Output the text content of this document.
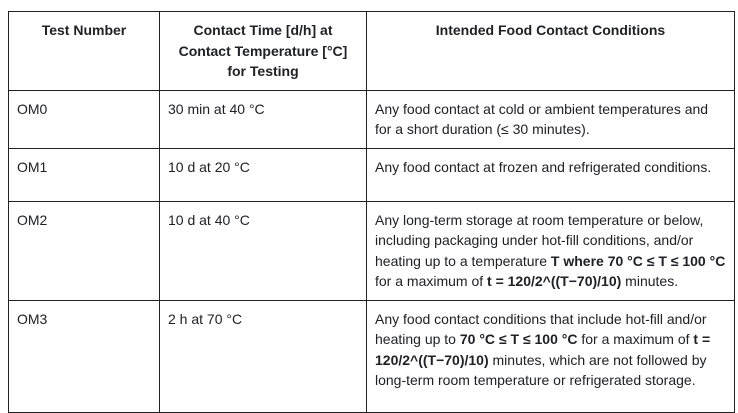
Test Number	Contact Time [d/h] at Contact Temperature [°C] for Testing	Intended Food Contact Conditions
OM0	30 min at 40 °C	Any food contact at cold or ambient temperatures and for a short duration (≤ 30 minutes).
OM1	10 d at 20 °C	Any food contact at frozen and refrigerated conditions.
OM2	10 d at 40 °C	Any long-term storage at room temperature or below, including packaging under hot-fill conditions, and/or heating up to a temperature T where 70 °C ≤ T ≤ 100 °C for a maximum of t = 120/2^((T−70)/10) minutes.
OM3	2 h at 70 °C	Any food contact conditions that include hot-fill and/or heating up to 70 °C ≤ T ≤ 100 °C for a maximum of t = 120/2^((T−70)/10) minutes, which are not followed by long-term room temperature or refrigerated storage.
